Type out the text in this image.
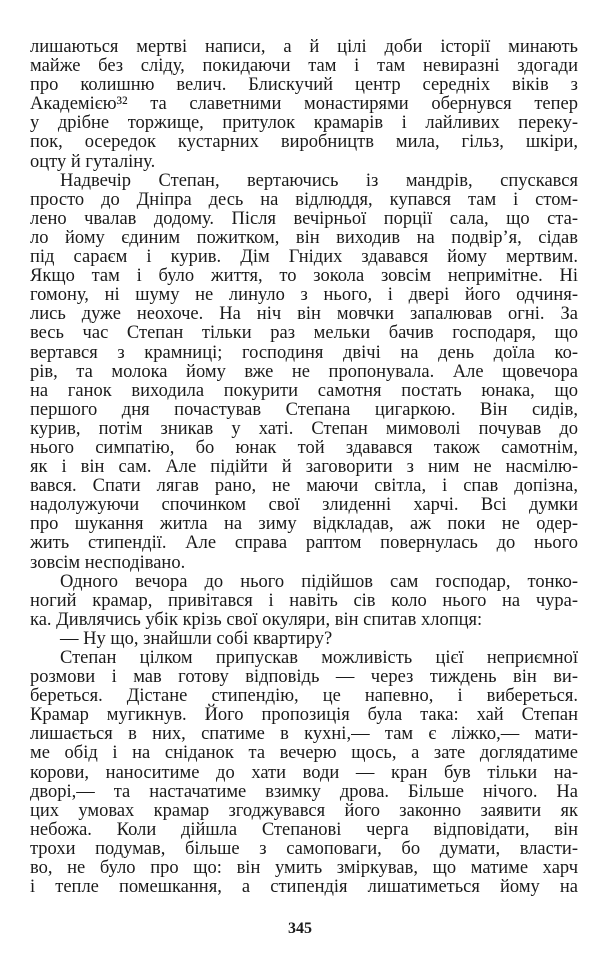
лишаються мертві написи, а й цілі доби історії минають
майже без сліду, покидаючи там і там невиразні здогади
про колишню велич. Блискучий центр середніх віків з
Академією³² та славетними монастирями обернувся тепер
у дрібне торжище, притулок крамарів і лайливих переку-
пок, осередок кустарних виробництв мила, гільз, шкіри,
оцту й гуталіну.
Надвечір Степан, вертаючись із мандрів, спускався
просто до Дніпра десь на відлюддя, купався там і стом-
лено чвалав додому. Після вечірньої порції сала, що ста-
ло йому єдиним пожитком, він виходив на подвір’я, сідав
під сараєм і курив. Дім Гнідих здавався йому мертвим.
Якщо там і було життя, то зокола зовсім непримітне. Ні
гомону, ні шуму не линуло з нього, і двері його одчиня-
лись дуже неохоче. На ніч він мовчки запалював огні. За
весь час Степан тільки раз мельки бачив господаря, що
вертався з крамниці; господиня двічі на день доїла ко-
рів, та молока йому вже не пропонувала. Але щовечора
на ганок виходила покурити самотня постать юнака, що
першого дня почастував Степана цигаркою. Він сидів,
курив, потім зникав у хаті. Степан мимоволі почував до
нього симпатію, бо юнак той здавався також самотнім,
як і він сам. Але підійти й заговорити з ним не насмілю-
вався. Спати лягав рано, не маючи світла, і спав допізна,
надолужуючи спочинком свої злиденні харчі. Всі думки
про шукання житла на зиму відкладав, аж поки не одер-
жить стипендії. Але справа раптом повернулась до нього
зовсім несподівано.
Одного вечора до нього підійшов сам господар, тонко-
ногий крамар, привітався і навіть сів коло нього на чура-
ка. Дивлячись убік крізь свої окуляри, він спитав хлопця:
— Ну що, знайшли собі квартиру?
Степан цілком припускав можливість цієї неприємної
розмови і мав готову відповідь — через тиждень він ви-
береться. Дістане стипендію, це напевно, і вибереться.
Крамар мугикнув. Його пропозиція була така: хай Степан
лишається в них, спатиме в кухні,— там є ліжко,— мати-
ме обід і на сніданок та вечерю щось, а зате доглядатиме
корови, наноситиме до хати води — кран був тільки на-
дворі,— та настачатиме взимку дрова. Більше нічого. На
цих умовах крамар згоджувався його законно заявити як
небожа. Коли дійшла Степанові черга відповідати, він
трохи подумав, більше з самоповаги, бо думати, власти-
во, не було про що: він умить зміркував, що матиме харч
і тепле помешкання, а стипендія лишатиметься йому на
345
